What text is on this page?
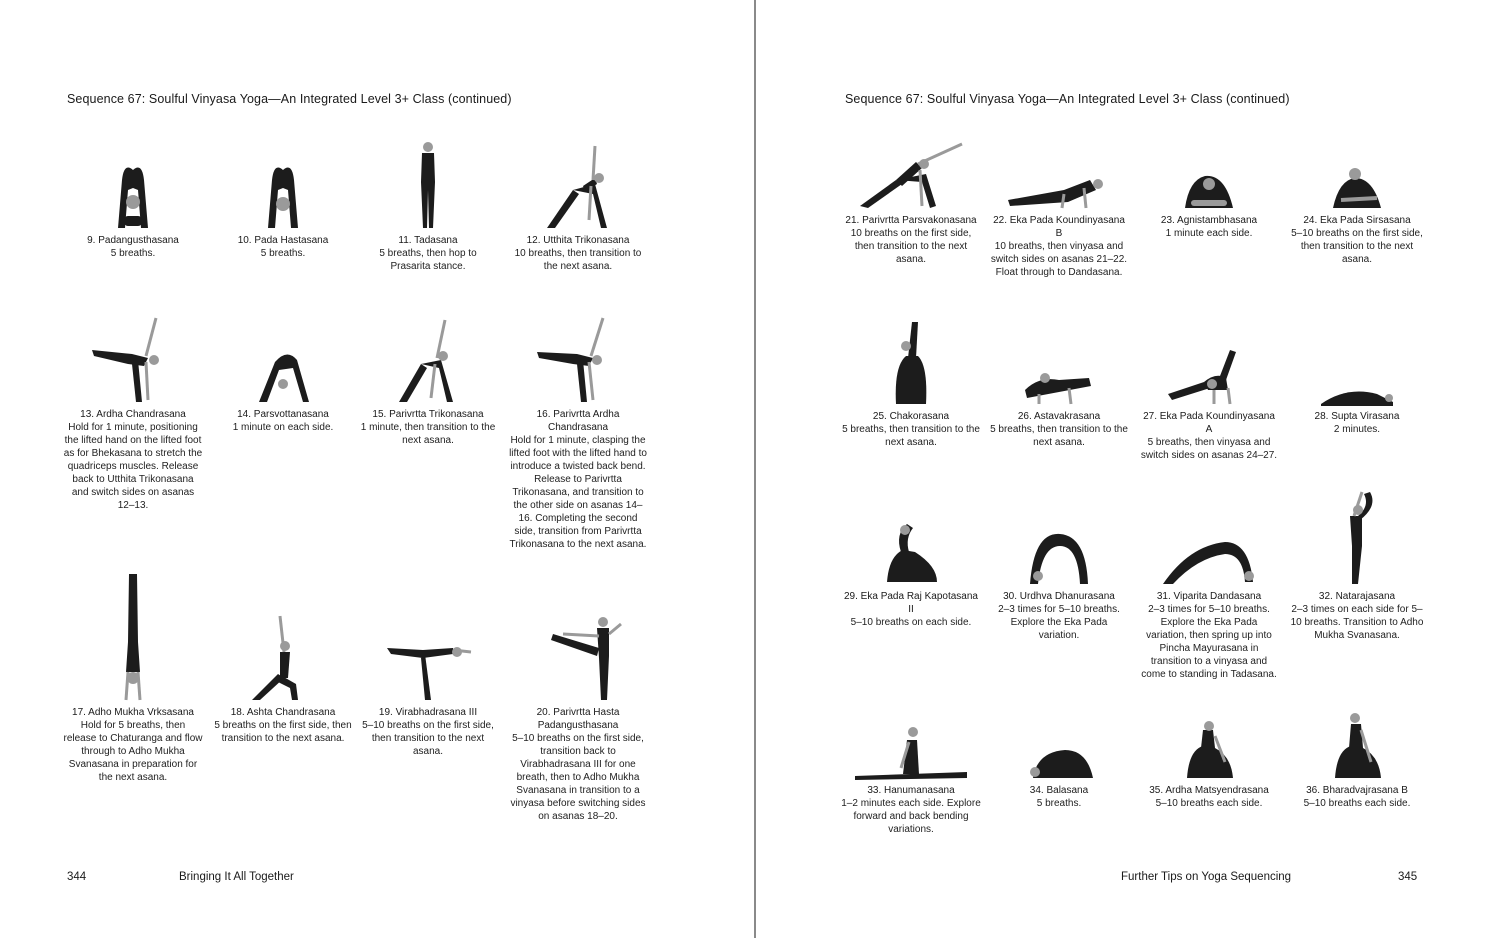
Sequence 67: Soulful Vinyasa Yoga—An Integrated Level 3+ Class (continued)
9. Padangusthasana
5 breaths.
10. Pada Hastasana
5 breaths.
11. Tadasana
5 breaths, then hop to Prasarita stance.
12. Utthita Trikonasana
10 breaths, then transition to the next asana.
13. Ardha Chandrasana
Hold for 1 minute, positioning the lifted hand on the lifted foot as for Bhekasana to stretch the quadriceps muscles. Release back to Utthita Trikonasana and switch sides on asanas 12–13.
14. Parsvottanasana
1 minute on each side.
15. Parivrtta Trikonasana
1 minute, then transition to the next asana.
16. Parivrtta Ardha Chandrasana
Hold for 1 minute, clasping the lifted foot with the lifted hand to introduce a twisted back bend. Release to Parivrtta Trikonasana, and transition to the other side on asanas 14–16. Completing the second side, transition from Parivrtta Trikonasana to the next asana.
17. Adho Mukha Vrksasana
Hold for 5 breaths, then release to Chaturanga and flow through to Adho Mukha Svanasana in preparation for the next asana.
18. Ashta Chandrasana
5 breaths on the first side, then transition to the next asana.
19. Virabhadrasana III
5–10 breaths on the first side, then transition to the next asana.
20. Parivrtta Hasta Padangusthasana
5–10 breaths on the first side, transition back to Virabhadrasana III for one breath, then to Adho Mukha Svanasana in transition to a vinyasa before switching sides on asanas 18–20.
344	Bringing It All Together
Sequence 67: Soulful Vinyasa Yoga—An Integrated Level 3+ Class (continued)
21. Parivrtta Parsvakonasana
10 breaths on the first side, then transition to the next asana.
22. Eka Pada Koundinyasana B
10 breaths, then vinyasa and switch sides on asanas 21–22. Float through to Dandasana.
23. Agnistambhasana
1 minute each side.
24. Eka Pada Sirsasana
5–10 breaths on the first side, then transition to the next asana.
25. Chakorasana
5 breaths, then transition to the next asana.
26. Astavakrasana
5 breaths, then transition to the next asana.
27. Eka Pada Koundinyasana A
5 breaths, then vinyasa and switch sides on asanas 24–27.
28. Supta Virasana
2 minutes.
29. Eka Pada Raj Kapotasana II
5–10 breaths on each side.
30. Urdhva Dhanurasana
2–3 times for 5–10 breaths. Explore the Eka Pada variation.
31. Viparita Dandasana
2–3 times for 5–10 breaths. Explore the Eka Pada variation, then spring up into Pincha Mayurasana in transition to a vinyasa and come to standing in Tadasana.
32. Natarajasana
2–3 times on each side for 5–10 breaths. Transition to Adho Mukha Svanasana.
33. Hanumanasana
1–2 minutes each side. Explore forward and back bending variations.
34. Balasana
5 breaths.
35. Ardha Matsyendrasana
5–10 breaths each side.
36. Bharadvajrasana B
5–10 breaths each side.
Further Tips on Yoga Sequencing	345
